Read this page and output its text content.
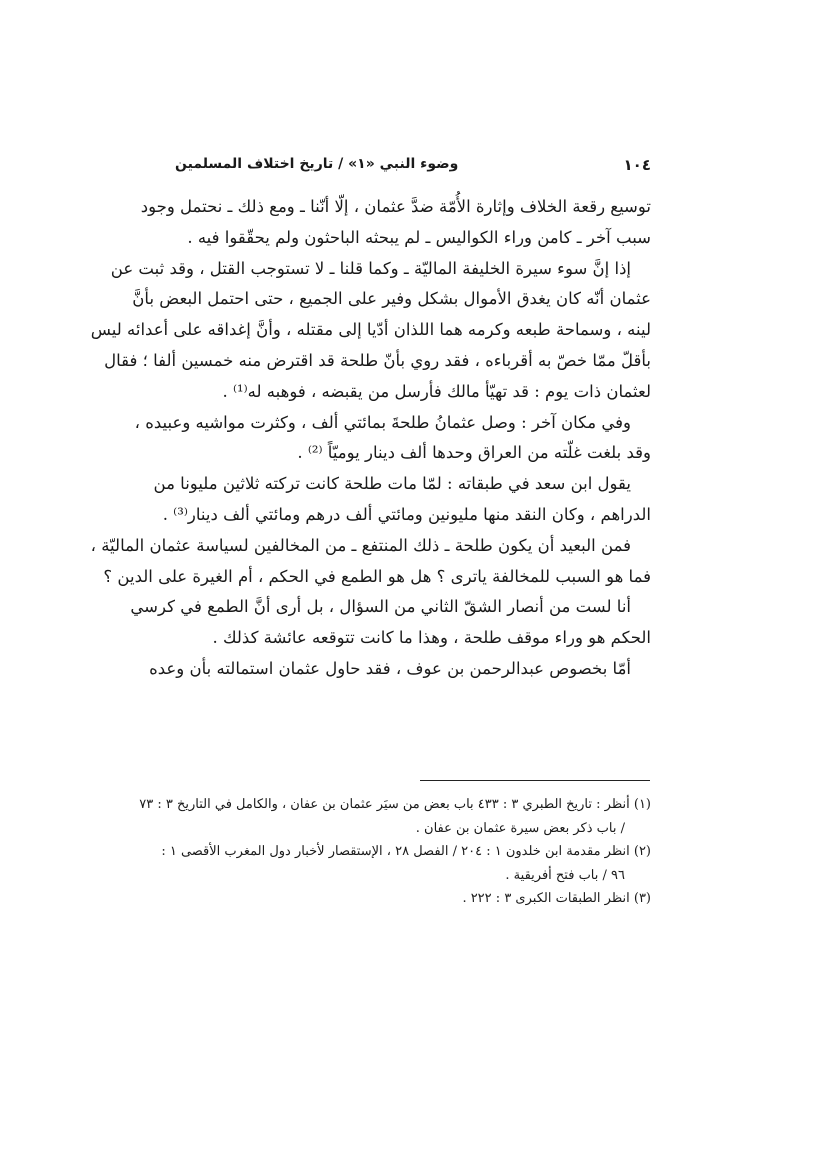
١٠٤
وضوء النبي «١» / تاريخ اختلاف المسلمين
توسيع رقعة الخلاف وإثارة الأُمّة ضدَّ عثمان ، إلّا أنّنا ـ ومع ذلك ـ نحتمل وجود
سبب آخر ـ كامن وراء الكواليس ـ لم يبحثه الباحثون ولم يحقّقوا فيه .
إذا إنَّ سوء سيرة الخليفة الماليّة ـ وكما قلنا ـ لا تستوجب القتل ، وقد ثبت عن
عثمان أنّه كان يغدق الأموال بشكل وفير على الجميع ، حتى احتمل البعض بأنَّ
لينه ، وسماحة طبعه وكرمه هما اللذان أدّيا إلى مقتله ، وأنَّ إغداقه على أعدائه ليس
بأقلّ ممّا خصّ به أقرباءه ، فقد روي بأنّ طلحة قد اقترض منه خمسين ألفا ؛ فقال
لعثمان ذات يوم : قد تهيّأ مالك فأرسل من يقبضه ، فوهبه له⁽¹⁾ .
وفي مكان آخر : وصل عثمانُ طلحةَ بمائتي ألف ، وكثرت مواشيه وعبيده ،
وقد بلغت غلّته من العراق وحدها ألف دينار يوميّاً ⁽²⁾ .
يقول ابن سعد في طبقاته : لمّا مات طلحة كانت تركته ثلاثين مليونا من
الدراهم ، وكان النقد منها مليونين ومائتي ألف درهم ومائتي ألف دينار⁽³⁾ .
فمن البعيد أن يكون طلحة ـ ذلك المنتفع ـ من المخالفين لسياسة عثمان الماليّة ،
فما هو السبب للمخالفة ياترى ؟ هل هو الطمع في الحكم ، أم الغيرة على الدين ؟
أنا لست من أنصار الشقّ الثاني من السؤال ، بل أرى أنَّ الطمع في كرسي
الحكم هو وراء موقف طلحة ، وهذا ما كانت تتوقعه عائشة كذلك .
أمّا بخصوص عبدالرحمن بن عوف ، فقد حاول عثمان استمالته بأن وعده
(١) أنظر : تاريخ الطبري ٣ : ٤٣٣ باب بعض من سيَر عثمان بن عفان ، والكامل في التاريخ ٣ : ٧٣
/ باب ذكر بعض سيرة عثمان بن عفان .
(٢) انظر مقدمة ابن خلدون ١ : ٢٠٤ / الفصل ٢٨ ، الإستقصار لأخبار دول المغرب الأقصى ١ :
٩٦ / باب فتح أفريقية .
(٣) انظر الطبقات الكبرى ٣ : ٢٢٢ .
